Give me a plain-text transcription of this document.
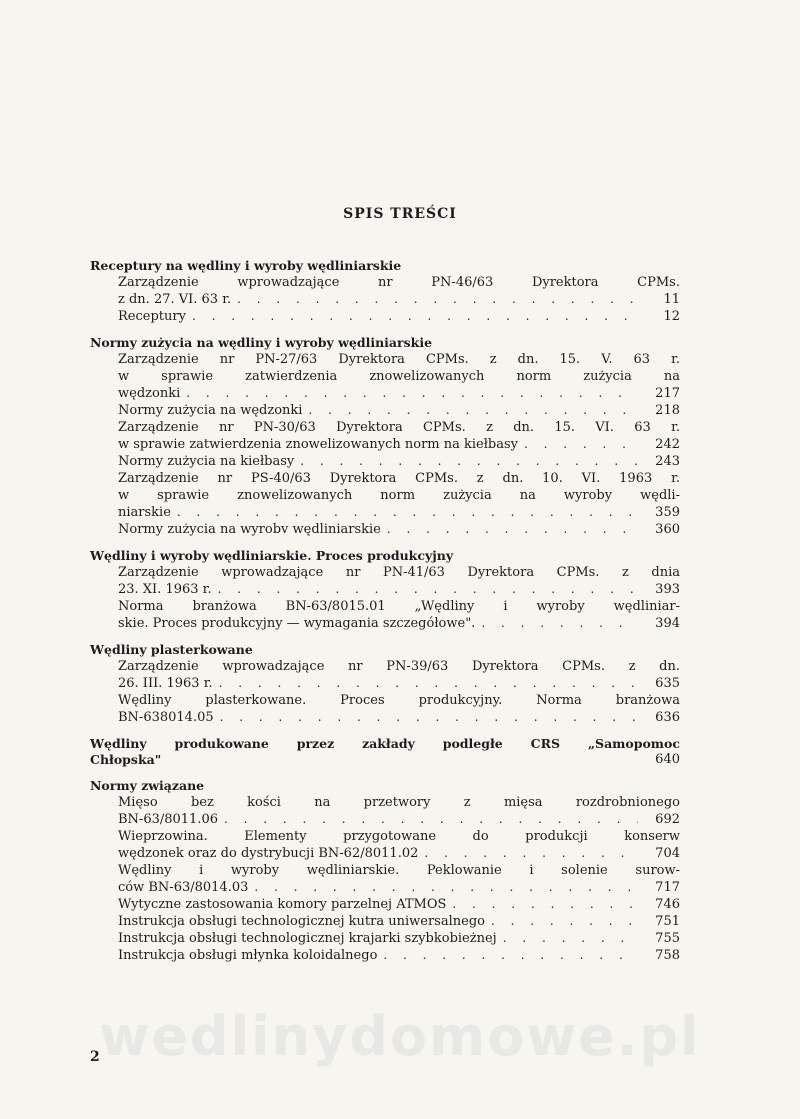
wedlinydomowe.pl
SPIS TREŚCI
Receptury na wędliny i wyroby wędliniarskie
Zarządzenie wprowadzające nr PN-46/63 Dyrektora CPMs.
z dn. 27. VI. 63 r. . . .	11
Receptury . . .	12
Normy zużycia na wędliny i wyroby wędliniarskie
Zarządzenie nr PN-27/63 Dyrektora CPMs. z dn. 15. V. 63 r.
w sprawie zatwierdzenia znowelizowanych norm zużycia na
wędzonki . . .	217
Normy zużycia na wędzonki . . .	218
Zarządzenie nr PN-30/63 Dyrektora CPMs. z dn. 15. VI. 63 r.
w sprawie zatwierdzenia znowelizowanych norm na kiełbasy . . .	242
Normy zużycia na kiełbasy . . .	243
Zarządzenie nr PS-40/63 Dyrektora CPMs. z dn. 10. VI. 1963 r.
w sprawie znowelizowanych norm zużycia na wyroby wędli-
niarskie . . .	359
Normy zużycia na wyrobv wędliniarskie . . .	360
Wędliny i wyroby wędliniarskie. Proces produkcyjny
Zarządzenie wprowadzające nr PN-41/63 Dyrektora CPMs. z dnia
23. XI. 1963 r. . . .	393
Norma branżowa BN-63/8015.01 „Wędliny i wyroby wędliniar-
skie. Proces produkcyjny — wymagania szczegółowe". . . .	394
Wędliny plasterkowane
Zarządzenie wprowadzające nr PN-39/63 Dyrektora CPMs. z dn.
26. III. 1963 r. . . .	635
Wędliny plasterkowane. Proces produkcyjny. Norma branżowa
BN-638014.05 . . .	636
Wędliny produkowane przez zakłady podległe CRS „Samopomoc
Chłopska"	640
Normy związane
Mięso bez kości na przetwory z mięsa rozdrobnionego
BN-63/8011.06 . . .	692
Wieprzowina. Elementy przygotowane do produkcji konserw
wędzonek oraz do dystrybucji BN-62/8011.02 . . .	704
Wędliny i wyroby wędliniarskie. Peklowanie i solenie surow-
ców BN-63/8014.03 . . .	717
Wytyczne zastosowania komory parzelnej ATMOS . . .	746
Instrukcja obsługi technologicznej kutra uniwersalnego . . .	751
Instrukcja obsługi technologicznej krajarki szybkobieżnej . . .	755
Instrukcja obsługi młynka koloidalnego . . .	758
2
